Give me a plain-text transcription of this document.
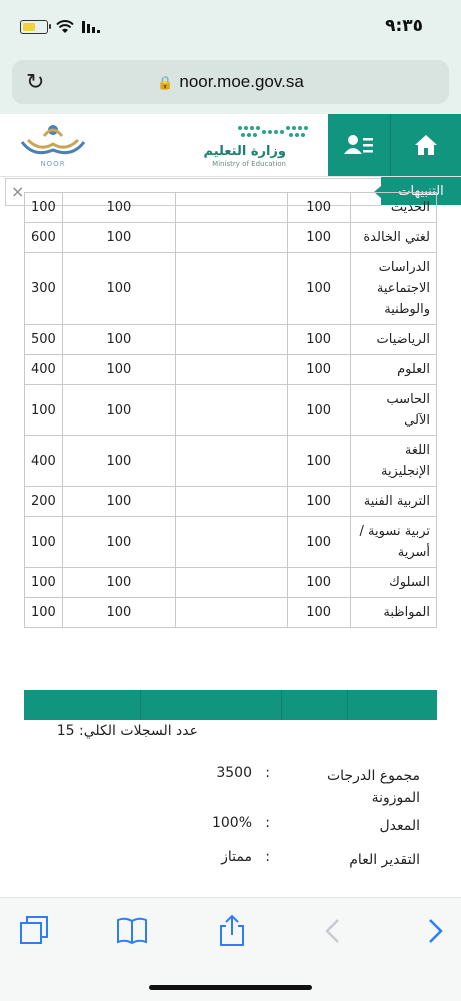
٩:٣٥
↻	🔒 noor.moe.gov.sa
NOOR
وزارة التعليم
Ministry of Education
×	التنبيهات
الحديث	100		100	100
لغتي الخالدة	100		100	600
الدراسات الاجتماعية والوطنية	100		100	300
الرياضيات	100		100	500
العلوم	100		100	400
الحاسب الآلي	100		100	100
اللغة الإنجليزية	100		100	400
التربية الفنية	100		100	200
تربية نسوية / أسرية	100		100	100
السلوك	100		100	100
المواظبة	100		100	100
عدد السجلات الكلي: 15
مجموع الدرجات الموزونة
:
3500
المعدل
:
100%
التقدير العام
:
ممتاز
